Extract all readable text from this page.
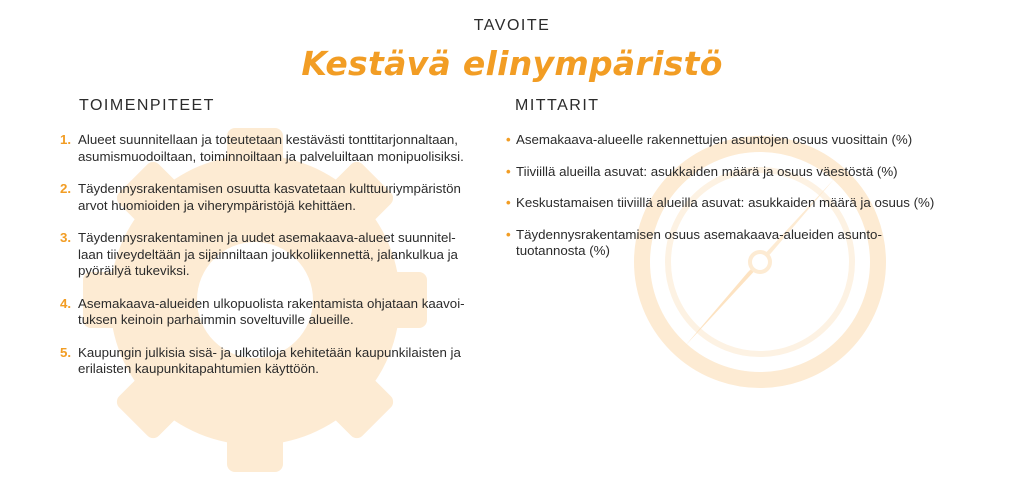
TAVOITE
Kestävä elinympäristö
TOIMENPITEET	MITTARIT
1. Alueet suunnitellaan ja toteutetaan kestävästi tonttitarjonnaltaan,
asumismuodoiltaan, toiminnoiltaan ja palveluiltaan monipuolisiksi.
2. Täydennysrakentamisen osuutta kasvatetaan kulttuuriympäristön
arvot huomioiden ja viherympäristöjä kehittäen.
3. Täydennysrakentaminen ja uudet asemakaava-alueet suunnitel-
laan tiiveydeltään ja sijainniltaan joukkoliikennettä, jalankulkua ja
pyöräilyä tukeviksi.
4. Asemakaava-alueiden ulkopuolista rakentamista ohjataan kaavoi-
tuksen keinoin parhaimmin soveltuville alueille.
5. Kaupungin julkisia sisä- ja ulkotiloja kehitetään kaupunkilaisten ja
erilaisten kaupunkitapahtumien käyttöön.
• Asemakaava-alueelle rakennettujen asuntojen osuus vuosittain (%)
• Tiiviillä alueilla asuvat: asukkaiden määrä ja osuus väestöstä (%)
• Keskustamaisen tiiviillä alueilla asuvat: asukkaiden määrä ja osuus (%)
• Täydennysrakentamisen osuus asemakaava-alueiden asunto-
tuotannosta (%)
